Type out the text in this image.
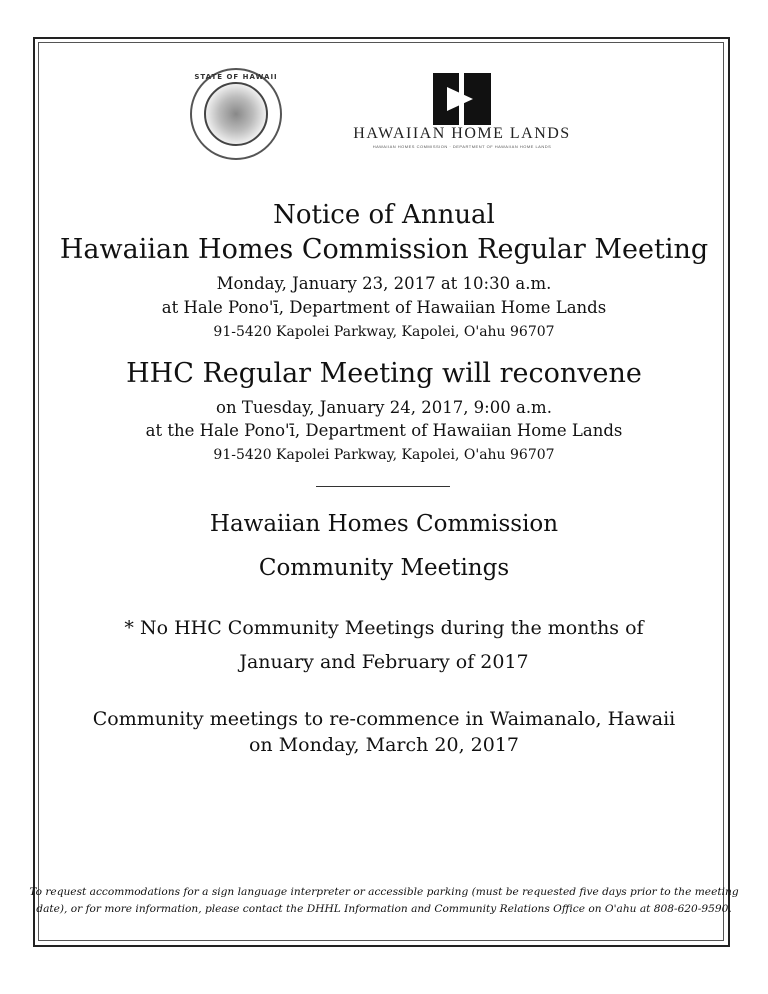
STATE OF HAWAII
HAWAIIAN HOME LANDS
HAWAIIAN HOMES COMMISSION · DEPARTMENT OF HAWAIIAN HOME LANDS
Notice of Annual
Hawaiian Homes Commission Regular Meeting
Monday, January 23, 2017 at 10:30 a.m.
at Hale Pono'ī, Department of Hawaiian Home Lands
91-5420 Kapolei Parkway, Kapolei, O'ahu 96707
HHC Regular Meeting will reconvene
on Tuesday, January 24, 2017, 9:00 a.m.
at the Hale Pono'ī, Department of Hawaiian Home Lands
91-5420 Kapolei Parkway, Kapolei, O'ahu 96707
Hawaiian Homes Commission
Community Meetings
* No HHC Community Meetings during the months of
January and February of 2017
Community meetings to re-commence in Waimanalo, Hawaii
on Monday, March 20, 2017
To request accommodations for a sign language interpreter or accessible parking (must be requested five days prior to the meeting
date), or for more information, please contact the DHHL Information and Community Relations Office on O'ahu at 808-620-9590.
